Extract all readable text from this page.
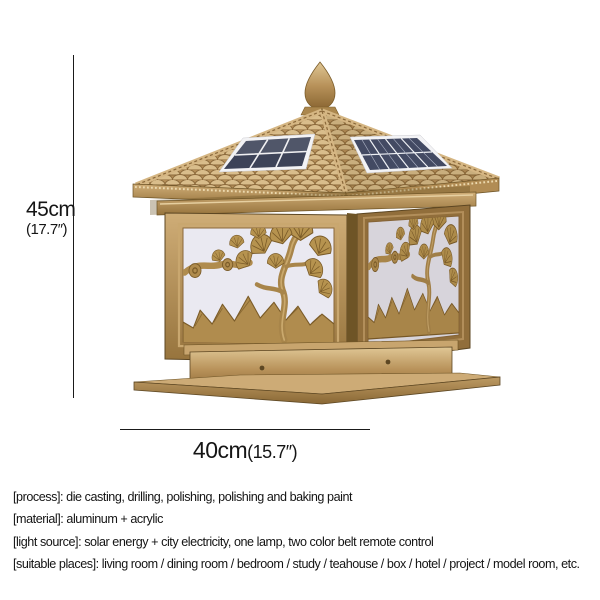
45cm
(17.7″)
40cm(15.7″)
[process]: die casting, drilling, polishing, polishing and baking paint
[material]: aluminum + acrylic
[light source]: solar energy + city electricity, one lamp, two color belt remote control
[suitable places]: living room / dining room / bedroom / study / teahouse / box / hotel / project / model room, etc.
